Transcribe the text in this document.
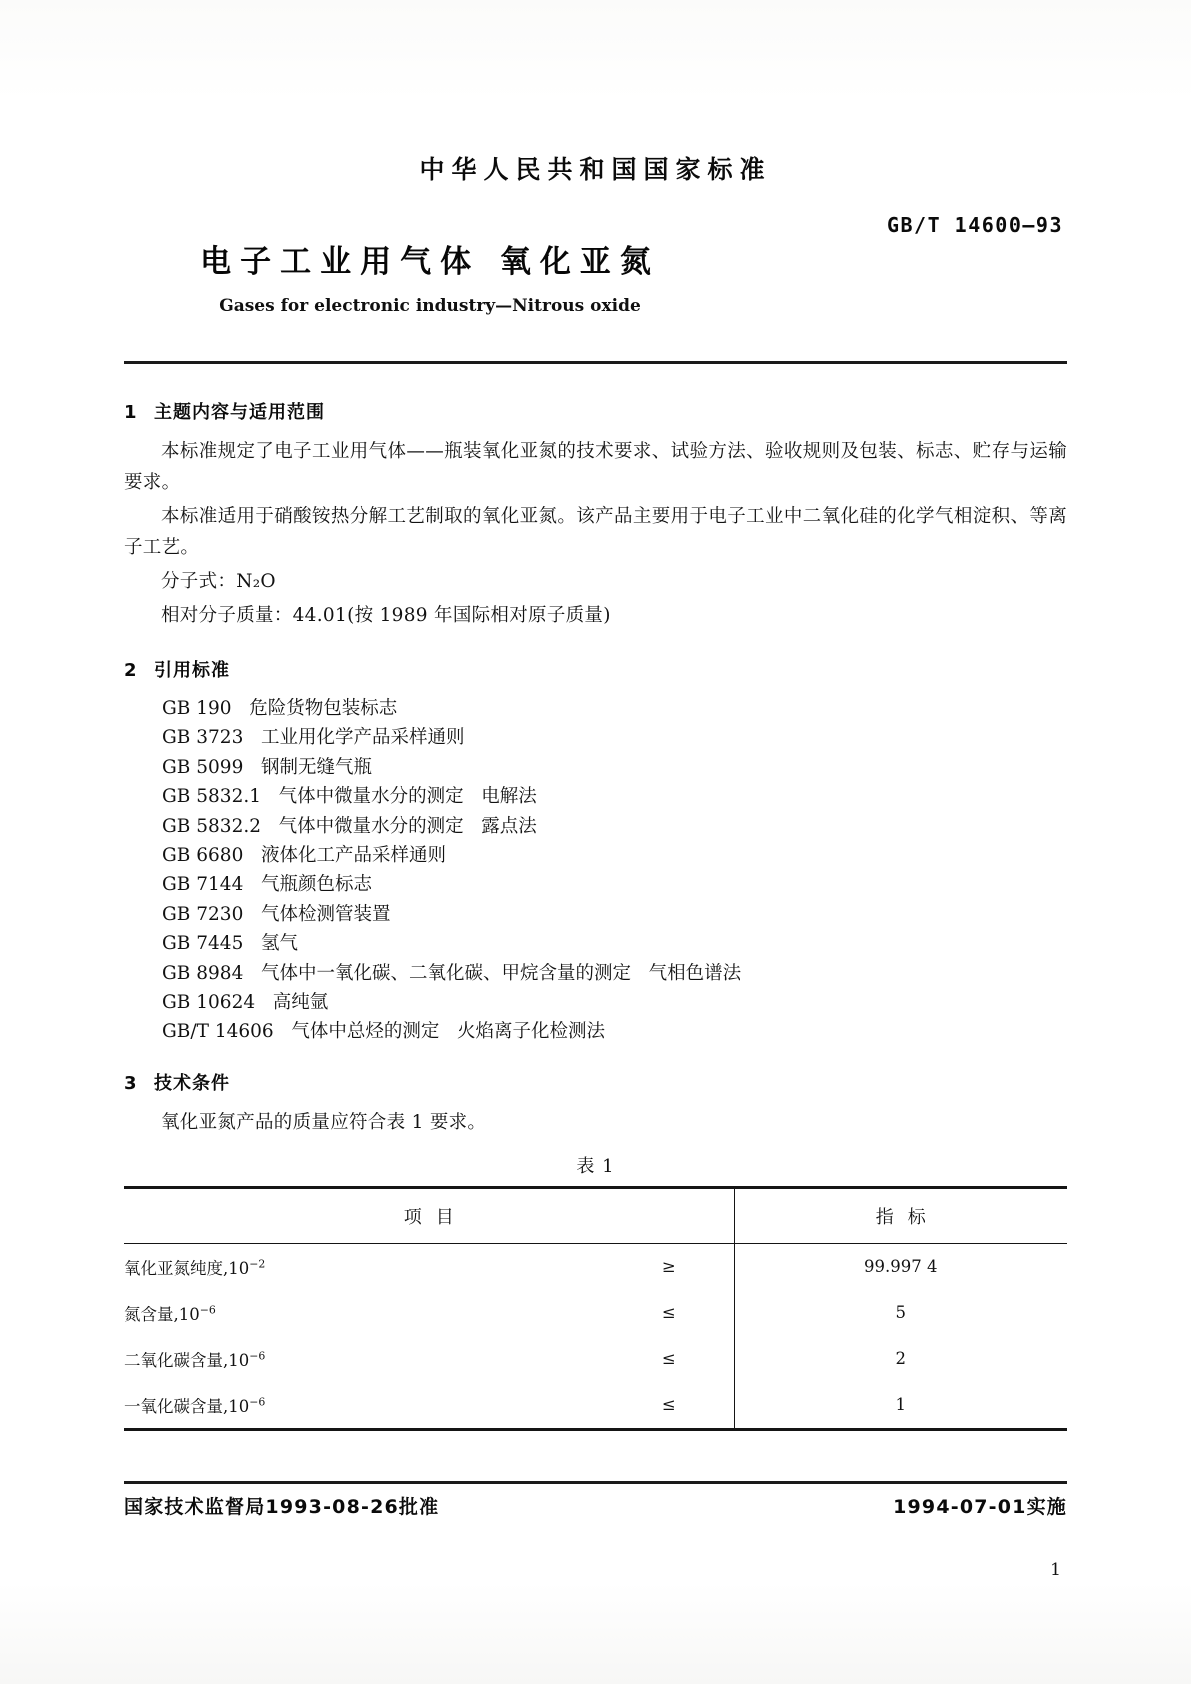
中华人民共和国国家标准
GB/T 14600—93
电子工业用气体 氧化亚氮
Gases for electronic industry—Nitrous oxide
1 主题内容与适用范围

本标准规定了电子工业用气体——瓶装氧化亚氮的技术要求、试验方法、验收规则及包装、标志、贮存与运输要求。

本标准适用于硝酸铵热分解工艺制取的氧化亚氮。该产品主要用于电子工业中二氧化硅的化学气相淀积、等离子工艺。

分子式：N₂O

相对分子质量：44.01(按 1989 年国际相对原子质量)

2 引用标准
GB 190 危险货物包装标志
GB 3723 工业用化学产品采样通则
GB 5099 钢制无缝气瓶
GB 5832.1 气体中微量水分的测定   电解法
GB 5832.2 气体中微量水分的测定   露点法
GB 6680 液体化工产品采样通则
GB 7144 气瓶颜色标志
GB 7230 气体检测管装置
GB 7445 氢气
GB 8984 气体中一氧化碳、二氧化碳、甲烷含量的测定   气相色谱法
GB 10624 高纯氩
GB/T 14606 气体中总烃的测定   火焰离子化检测法
3 技术条件

氧化亚氮产品的质量应符合表 1 要求。

表 1
项目		指标
氧化亚氮纯度$,10^{-2}$	≥	99.997 4
氮含量$,10^{-6}$	≤	5
二氧化碳含量$,10^{-6}$	≤	2
一氧化碳含量$,10^{-6}$	≤	1
国家技术监督局1993-08-26批准	1994-07-01实施
1
